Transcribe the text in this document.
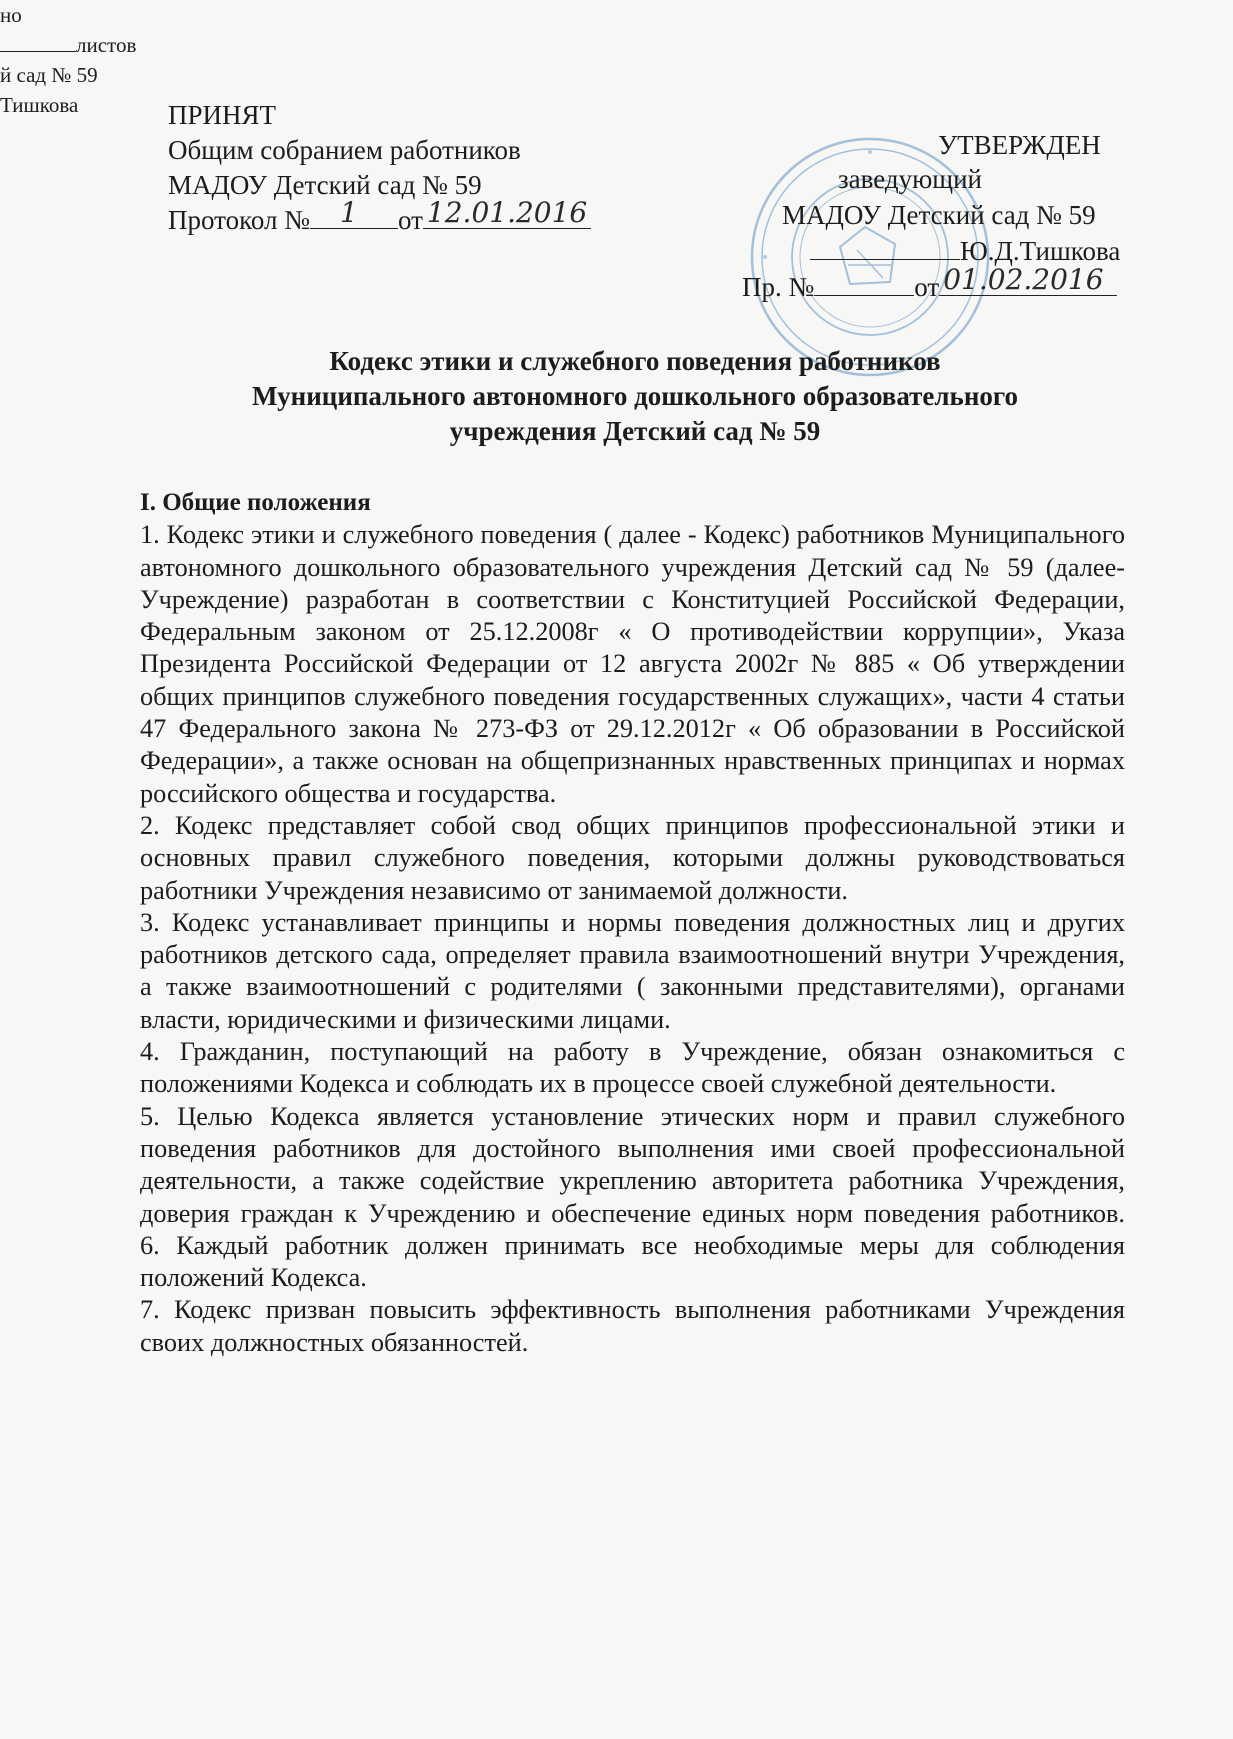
но
листов
й сад № 59
Тишкова	ПРИНЯТ
Общим собранием работников
МАДОУ Детский сад № 59
Протокол № 1 от 12.01.2016
УТВЕРЖДЕН
заведующий
МАДОУ Детский сад № 59
Ю.Д.Тишкова
Пр. №	от 01.02.2016
Кодекс этики и служебного поведения работников
Муниципального автономного дошкольного образовательного
учреждения Детский сад № 59
I. Общие положения
1. Кодекс этики и служебного поведения ( далее - Кодекс) работников Муниципального автономного дошкольного образовательного учреждения Детский сад № 59 (далее- Учреждение) разработан в соответствии с Конституцией Российской Федерации, Федеральным законом от 25.12.2008г « О противодействии коррупции», Указа Президента Российской Федерации от 12 августа 2002г № 885 « Об утверждении общих принципов служебного поведения государственных служащих», части 4 статьи 47 Федерального закона № 273-ФЗ от 29.12.2012г « Об образовании в Российской Федерации», а также основан на общепризнанных нравственных принципах и нормах российского общества и государства.
2. Кодекс представляет собой свод общих принципов профессиональной этики и основных правил служебного поведения, которыми должны руководствоваться работники Учреждения независимо от занимаемой должности.
3. Кодекс устанавливает принципы и нормы поведения должностных лиц и других работников детского сада, определяет правила взаимоотношений внутри Учреждения, а также взаимоотношений с родителями ( законными представителями), органами власти, юридическими и физическими лицами.
4. Гражданин, поступающий на работу в Учреждение, обязан ознакомиться с положениями Кодекса и соблюдать их в процессе своей служебной деятельности.
5. Целью Кодекса является установление этических норм и правил служебного поведения работников для достойного выполнения ими своей профессиональной деятельности, а также содействие укреплению авторитета работника Учреждения, доверия граждан к Учреждению и обеспечение единых норм поведения работников.
6. Каждый работник должен принимать все необходимые меры для соблюдения положений Кодекса.
7. Кодекс призван повысить эффективность выполнения работниками Учреждения своих должностных обязанностей.
